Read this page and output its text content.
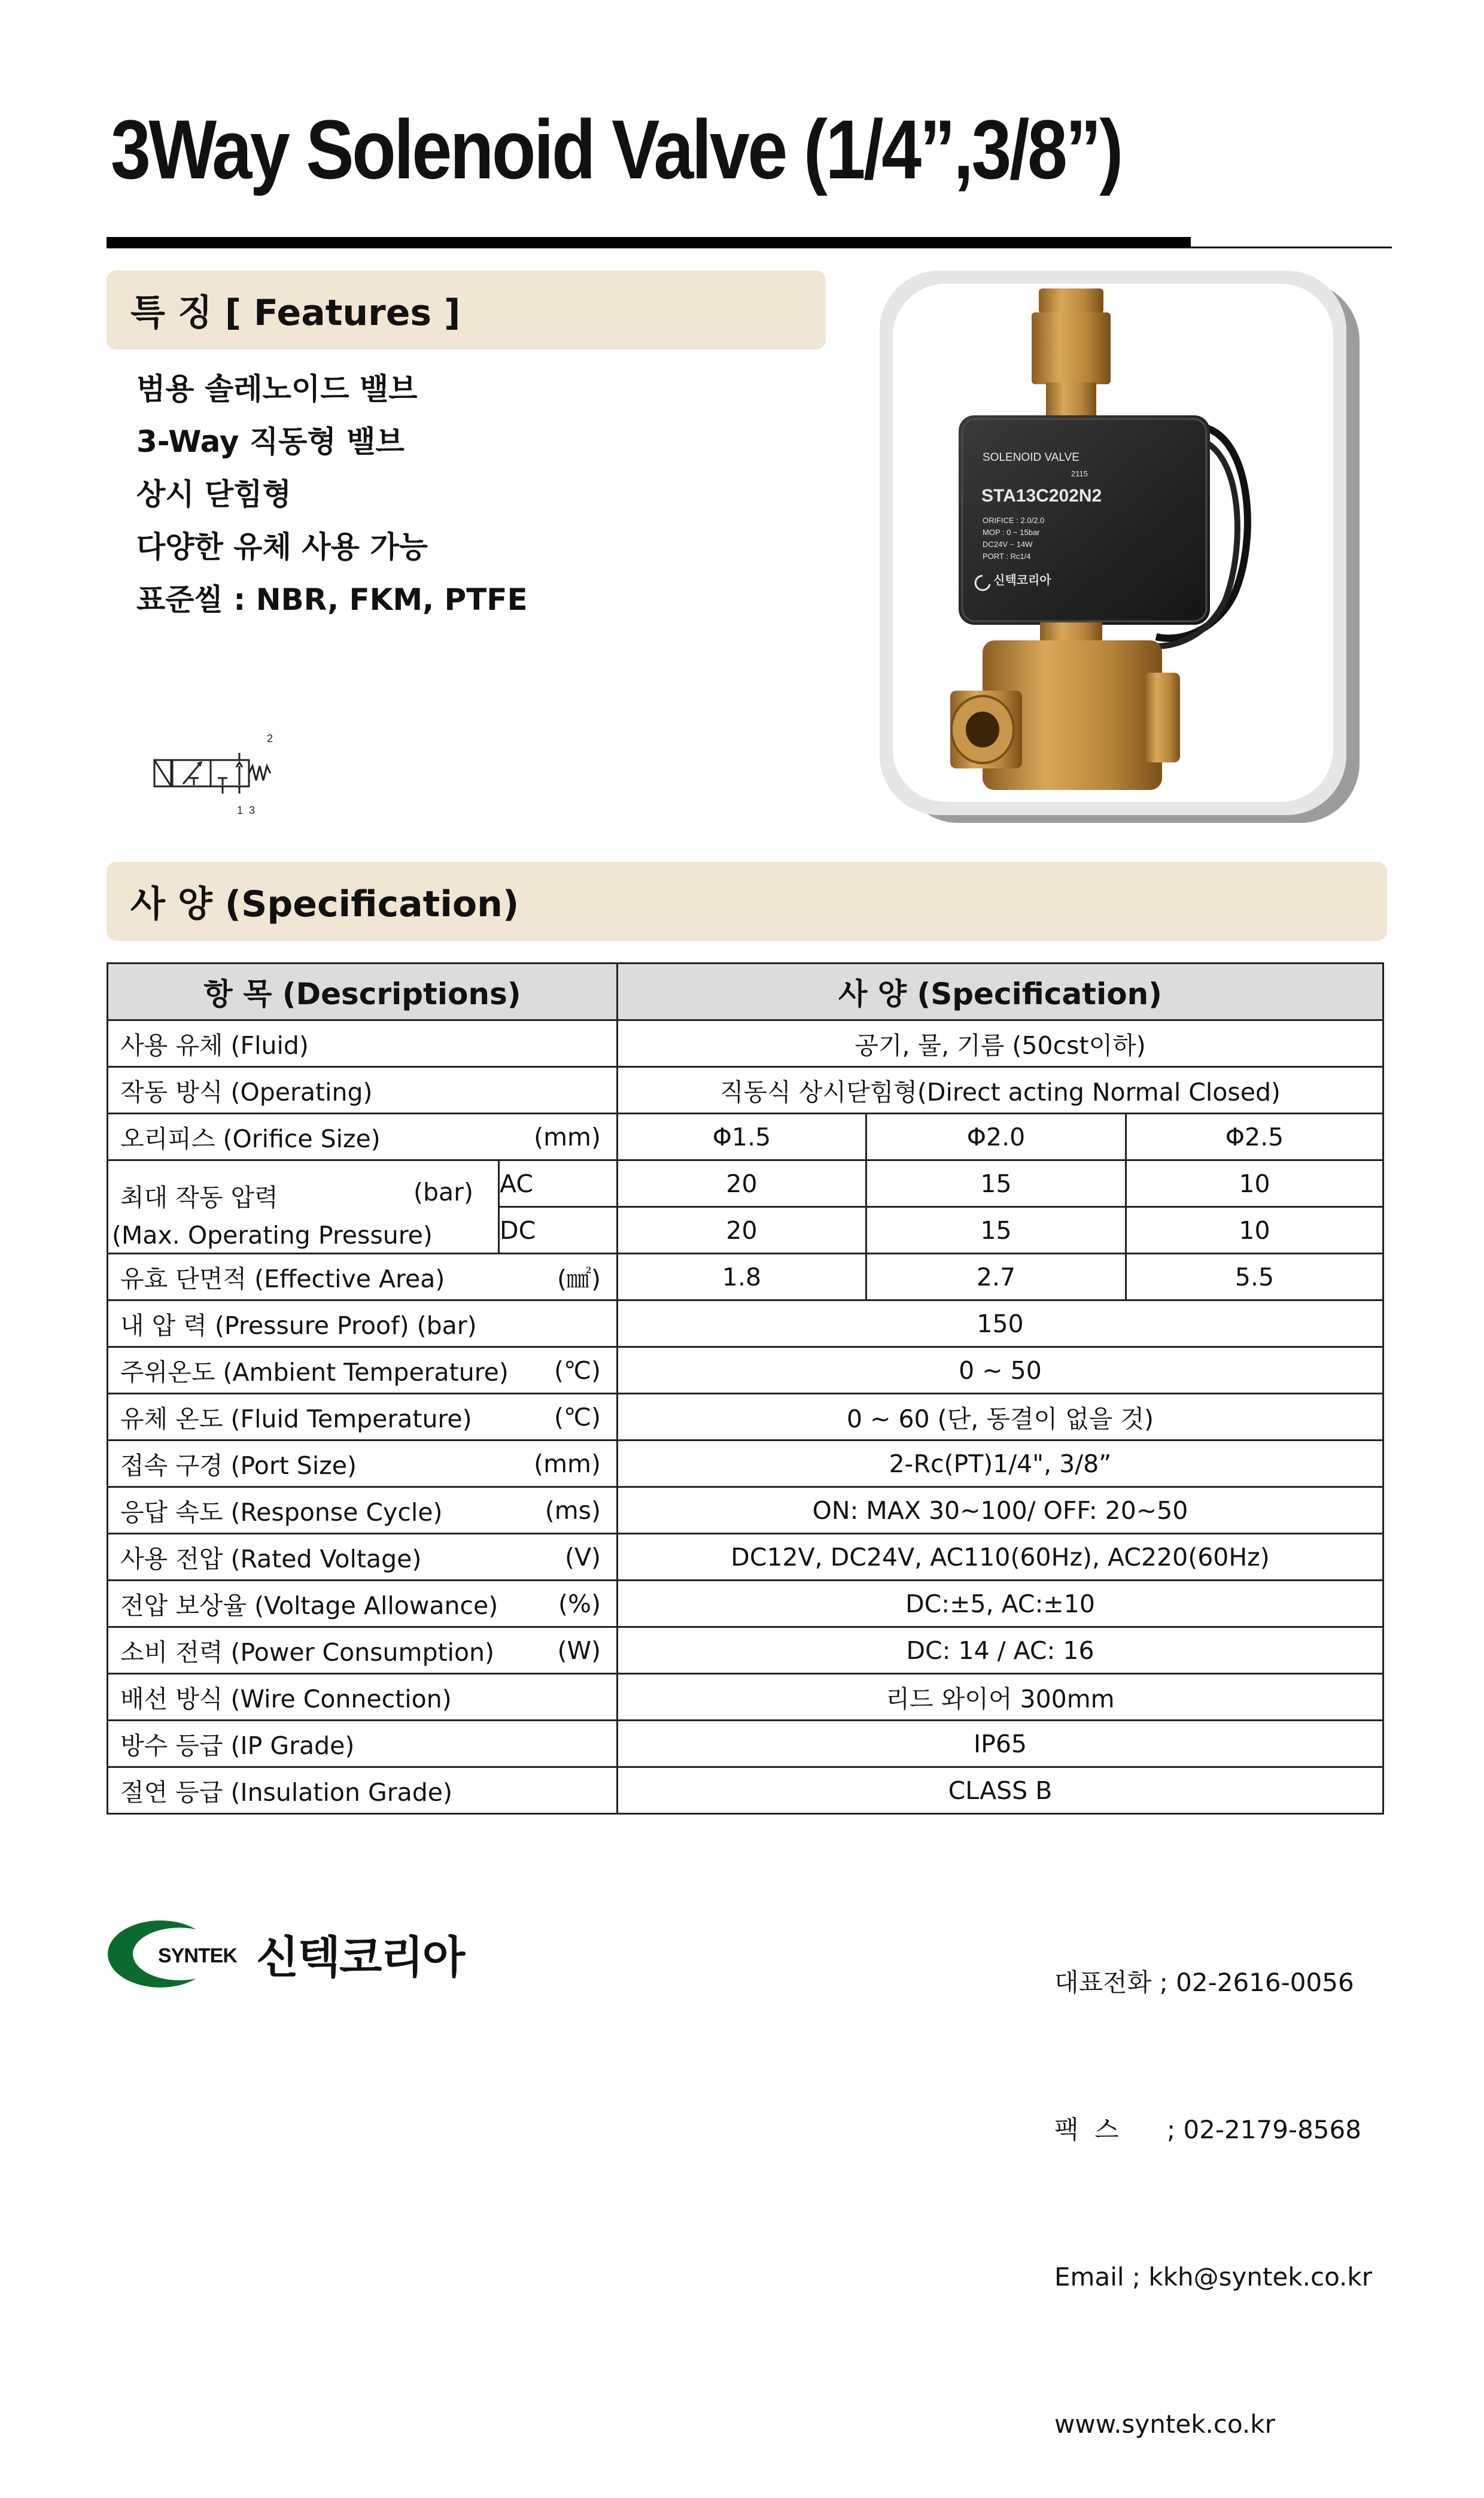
3Way Solenoid Valve (1/4”,3/8”)
특 징 [ Features ]
범용 솔레노이드 밸브
3-Way 직동형 밸브
상시 닫힘형
다양한 유체 사용 가능
표준씰 : NBR, FKM, PTFE
2
1  3
SOLENOID VALVE
2115
STA13C202N2
ORIFICE : 2.0/2.0
MOP : 0 ~ 15bar
DC24V ~ 14W
PORT : Rc1/4
신텍코리아
사 양 (Specification)
항 목 (Descriptions)		사 양 (Specification)		

사용 유체 (Fluid)		공기, 물, 기름 (50cst이하)		

작동 방식 (Operating)		직동식 상시닫힘형(Direct acting Normal Closed)		

오리피스 (Orifice Size) (mm)		Φ1.5	Φ2.0	Φ2.5

최대 작동 압력 (bar)
(Max. Operating Pressure)	AC	20	15	10
	DC	20	15	10

유효 단면적 (Effective Area) (㎟)		1.8	2.7	5.5

내 압 력 (Pressure Proof) (bar)		150		

주위온도 (Ambient Temperature) (℃)		0 ~ 50		

유체 온도 (Fluid Temperature) (℃)		0 ~ 60 (단, 동결이 없을 것)		

접속 구경 (Port Size) (mm)		2-Rc(PT)1/4", 3/8”		

응답 속도 (Response Cycle) (ms)		ON: MAX 30~100/ OFF: 20~50		

사용 전압 (Rated Voltage) (V)		DC12V, DC24V, AC110(60Hz), AC220(60Hz)		

전압 보상율 (Voltage Allowance) (%)		DC:±5, AC:±10		

소비 전력 (Power Consumption) (W)		DC: 14 / AC: 16		

배선 방식 (Wire Connection)		리드 와이어 300mm		

방수 등급 (IP Grade)		IP65		

절연 등급 (Insulation Grade)		CLASS B		

대표전화 ; 02-2616-0056

팩  스      ; 02-2179-8568

Email ; kkh@syntek.co.kr

www.syntek.co.kr

SYNTEK 신텍코리아
